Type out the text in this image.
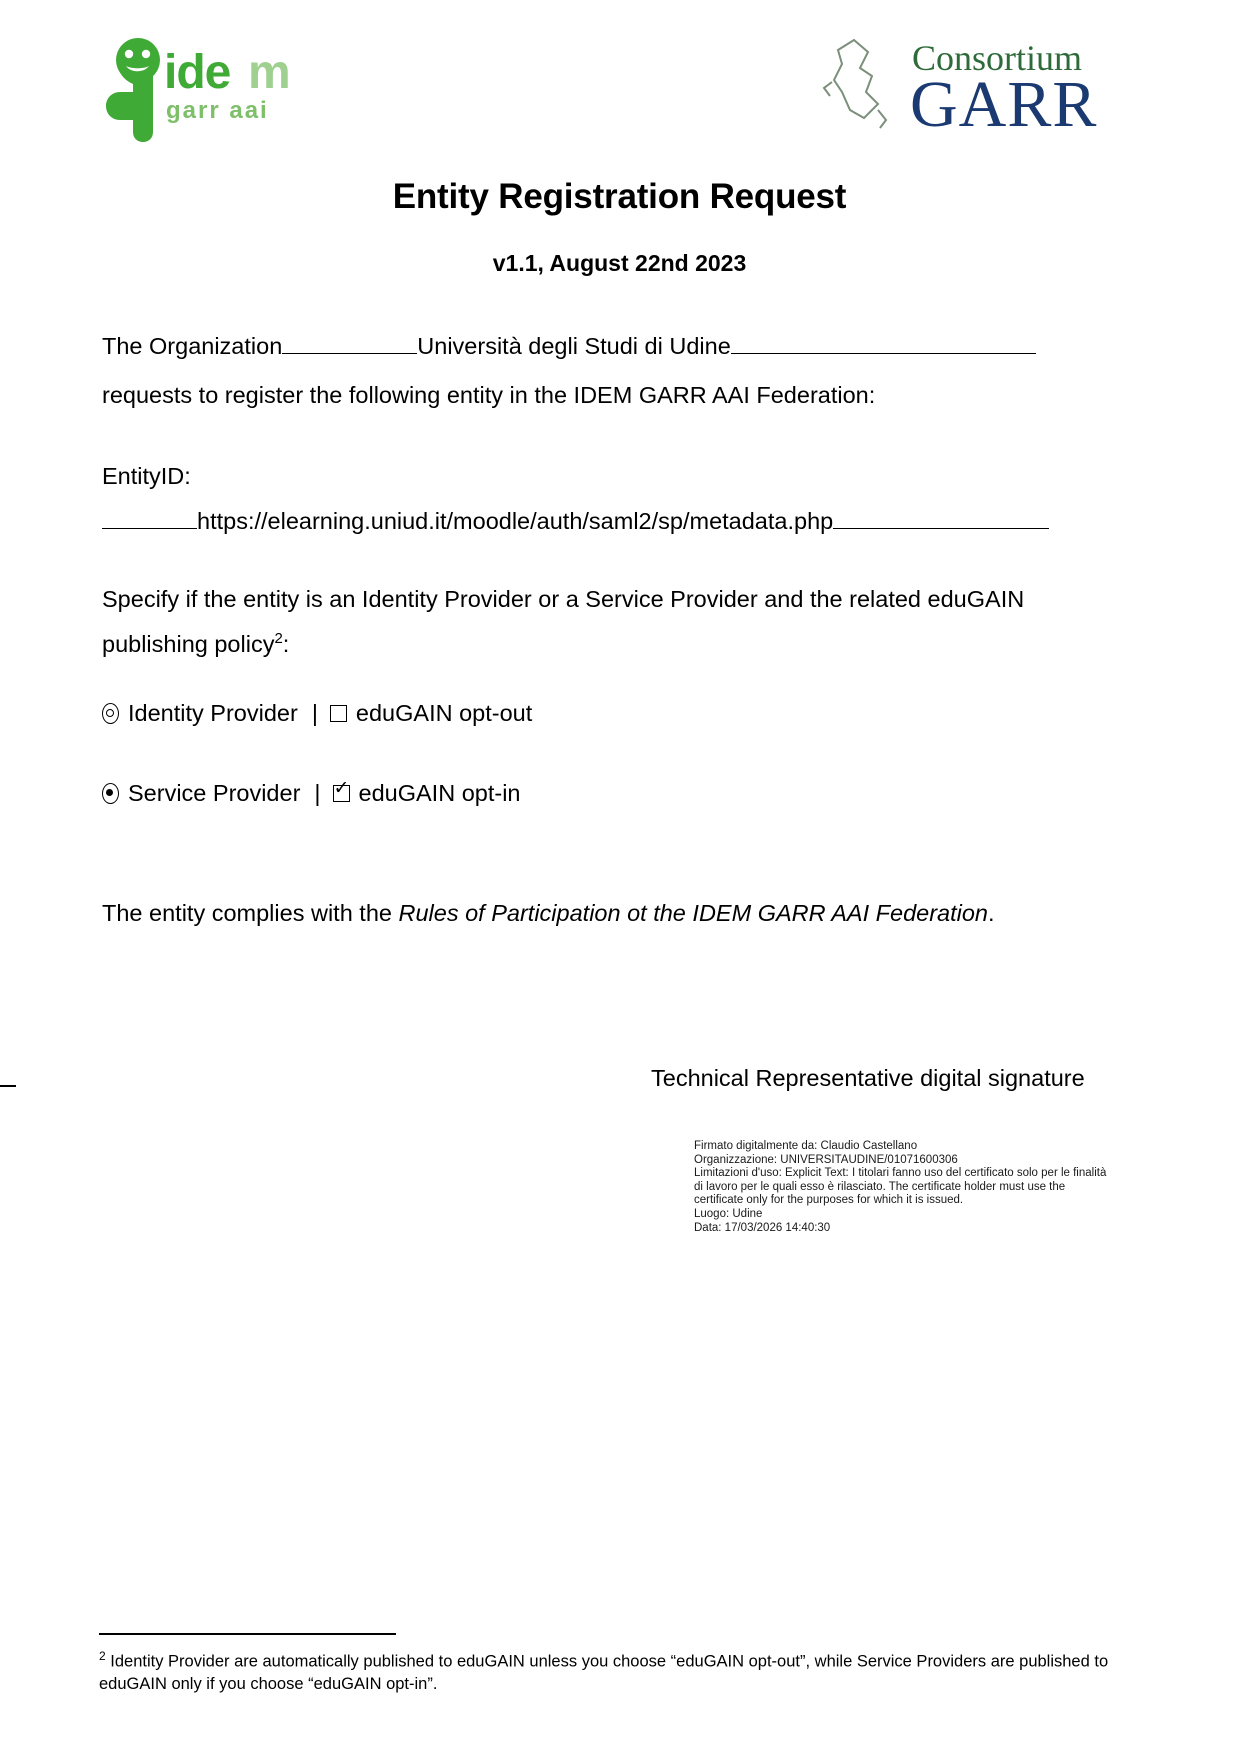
ide m
garr aai
Consortium
GARR
Entity Registration Request
v1.1, August 22nd 2023
The Organization	Università degli Studi di Udine
requests to register the following entity in the IDEM GARR AAI Federation:
EntityID:
https://elearning.uniud.it/moodle/auth/saml2/sp/metadata.php
Specify if the entity is an Identity Provider or a Service Provider and the related eduGAIN
publishing policy$^2$:
Identity Provider | eduGAIN opt-out
Service Provider | ✓ eduGAIN opt-in
The entity complies with the Rules of Participation ot the IDEM GARR AAI Federation.
Technical Representative digital signature
Firmato digitalmente da: Claudio Castellano
Organizzazione: UNIVERSITAUDINE/01071600306
Limitazioni d'uso: Explicit Text: I titolari fanno uso del certificato solo per le finalità di lavoro per le quali esso è rilasciato. The certificate holder must use the certificate only for the purposes for which it is issued.
Luogo: Udine
Data: 17/03/2026 14:40:30
$^2$ Identity Provider are automatically published to eduGAIN unless you choose “eduGAIN opt-out”, while Service Providers are published to eduGAIN only if you choose “eduGAIN opt-in”.
